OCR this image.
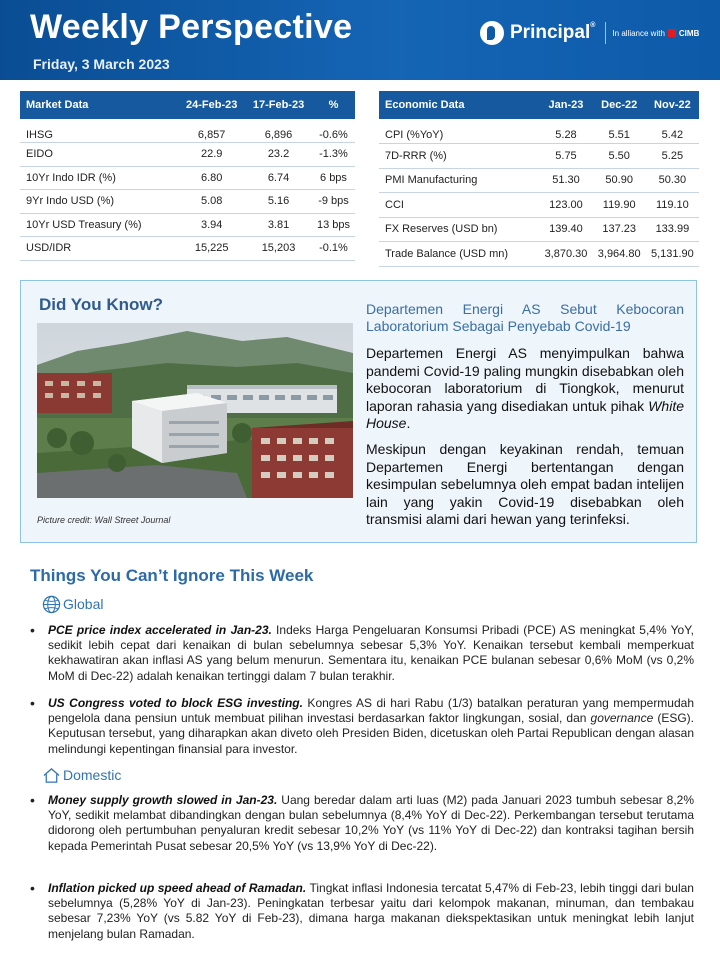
Weekly Perspective
Friday, 3 March 2023
Principal®
In alliance with CIMB
Market Data	24-Feb-23	17-Feb-23	%
IHSG	6,857	6,896	-0.6%
EIDO	22.9	23.2	-1.3%
10Yr Indo IDR (%)	6.80	6.74	6 bps
9Yr Indo USD (%)	5.08	5.16	-9 bps
10Yr USD Treasury (%)	3.94	3.81	13 bps
USD/IDR	15,225	15,203	-0.1%
Economic Data	Jan-23	Dec-22	Nov-22
CPI (%YoY)	5.28	5.51	5.42
7D-RRR (%)	5.75	5.50	5.25
PMI Manufacturing	51.30	50.90	50.30
CCI	123.00	119.90	119.10
FX Reserves (USD bn)	139.40	137.23	133.99
Trade Balance (USD mn)	3,870.30	3,964.80	5,131.90
Did You Know?
Picture credit: Wall Street Journal
Departemen Energi AS Sebut Kebocoran
Laboratorium Sebagai Penyebab Covid-19

Departemen Energi AS menyimpulkan bahwa pandemi Covid-19 paling mungkin disebabkan oleh kebocoran laboratorium di Tiongkok, menurut laporan rahasia yang disediakan untuk pihak White House.

Meskipun dengan keyakinan rendah, temuan Departemen Energi bertentangan dengan kesimpulan sebelumnya oleh empat badan intelijen lain yang yakin Covid-19 disebabkan oleh transmisi alami dari hewan yang terinfeksi.

Things You Can’t Ignore This Week
Global
• PCE price index accelerated in Jan-23. Indeks Harga Pengeluaran Konsumsi Pribadi (PCE) AS meningkat 5,4% YoY, sedikit lebih cepat dari kenaikan di bulan sebelumnya sebesar 5,3% YoY. Kenaikan tersebut kembali memperkuat kekhawatiran akan inflasi AS yang belum menurun. Sementara itu, kenaikan PCE bulanan sebesar 0,6% MoM (vs 0,2% MoM di Dec-22) adalah kenaikan tertinggi dalam 7 bulan terakhir.
• US Congress voted to block ESG investing. Kongres AS di hari Rabu (1/3) batalkan peraturan yang mempermudah pengelola dana pensiun untuk membuat pilihan investasi berdasarkan faktor lingkungan, sosial, dan governance (ESG). Keputusan tersebut, yang diharapkan akan diveto oleh Presiden Biden, dicetuskan oleh Partai Republican dengan alasan melindungi kepentingan finansial para investor.
Domestic
• Money supply growth slowed in Jan-23. Uang beredar dalam arti luas (M2) pada Januari 2023 tumbuh sebesar 8,2% YoY, sedikit melambat dibandingkan dengan bulan sebelumnya (8,4% YoY di Dec-22). Perkembangan tersebut terutama didorong oleh pertumbuhan penyaluran kredit sebesar 10,2% YoY (vs 11% YoY di Dec-22) dan kontraksi tagihan bersih kepada Pemerintah Pusat sebesar 20,5% YoY (vs 13,9% YoY di Dec-22).
• Inflation picked up speed ahead of Ramadan. Tingkat inflasi Indonesia tercatat 5,47% di Feb-23, lebih tinggi dari bulan sebelumnya (5,28% YoY di Jan-23). Peningkatan terbesar yaitu dari kelompok makanan, minuman, dan tembakau sebesar 7,23% YoY (vs 5.82 YoY di Feb-23), dimana harga makanan diekspektasikan untuk meningkat lebih lanjut menjelang bulan Ramadan.
